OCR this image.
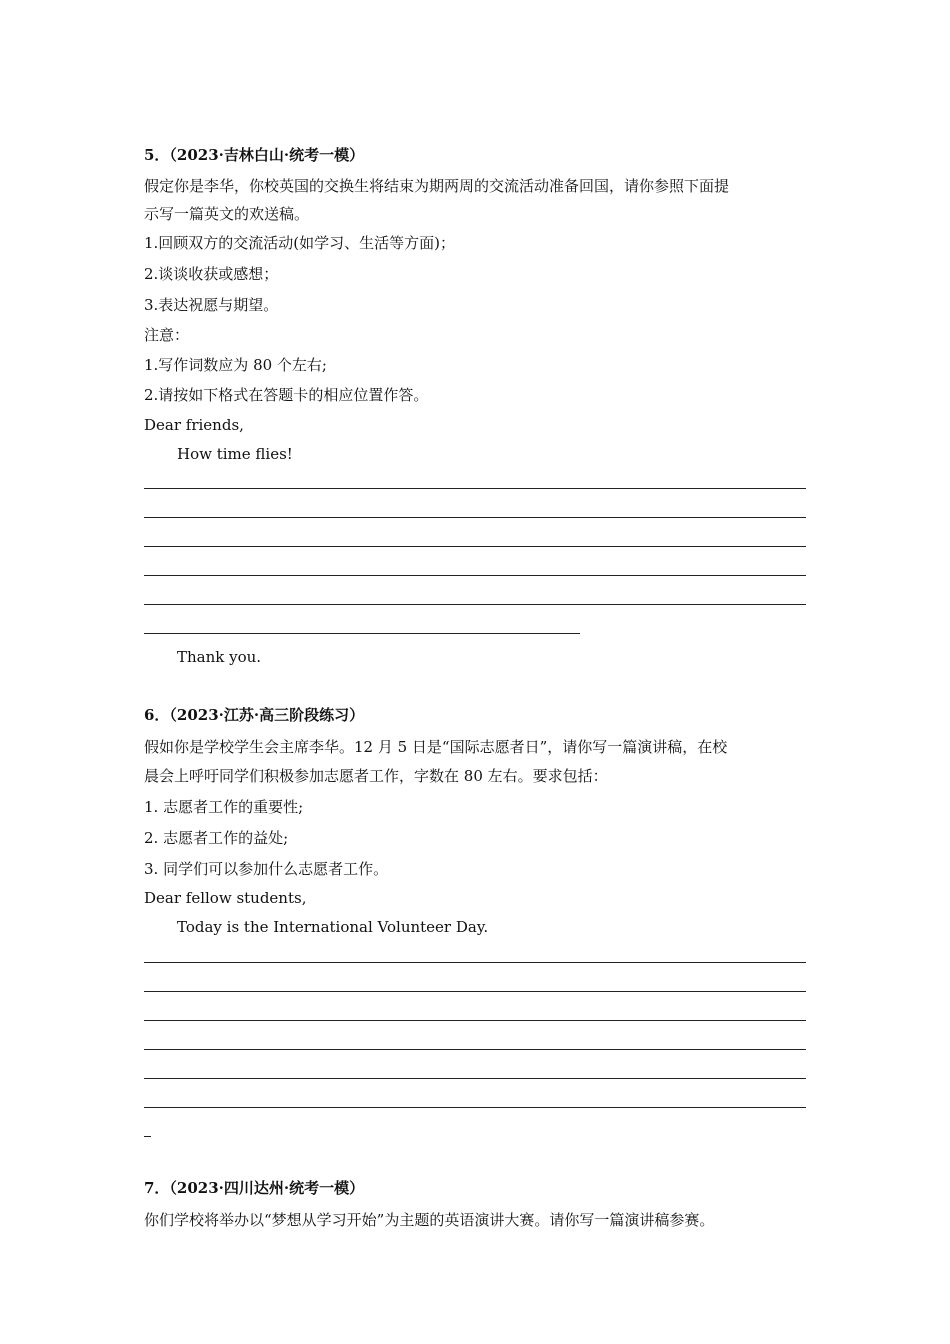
5．（2023·吉林白山·统考一模）
假定你是李华，你校英国的交换生将结束为期两周的交流活动准备回国，请你参照下面提
示写一篇英文的欢送稿。
1.回顾双方的交流活动(如学习、生活等方面)；
2.谈谈收获或感想；
3.表达祝愿与期望。
注意：
1.写作词数应为 80 个左右;
2.请按如下格式在答题卡的相应位置作答。
Dear friends,
How time flies!
Thank you.
6．（2023·江苏·高三阶段练习）
假如你是学校学生会主席李华。12 月 5 日是“国际志愿者日”，请你写一篇演讲稿，在校
晨会上呼吁同学们积极参加志愿者工作，字数在 80 左右。要求包括：
1. 志愿者工作的重要性;
2. 志愿者工作的益处;
3. 同学们可以参加什么志愿者工作。
Dear fellow students,
Today is the International Volunteer Day.
7．（2023·四川达州·统考一模）
你们学校将举办以“梦想从学习开始”为主题的英语演讲大赛。请你写一篇演讲稿参赛。
